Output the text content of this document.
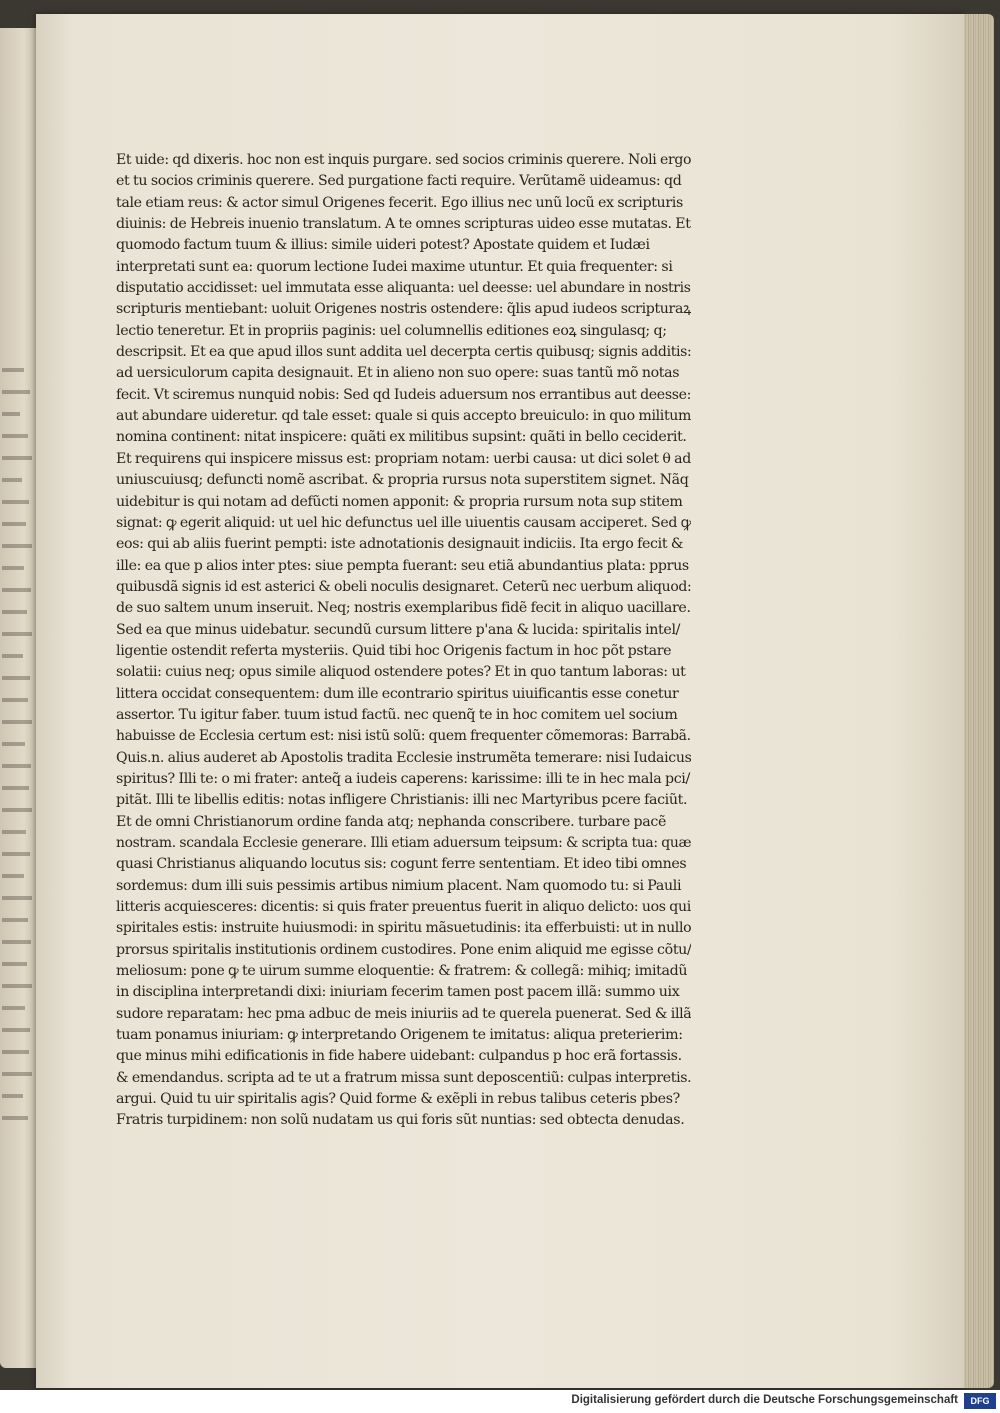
Et uide: qd dixeris. hoc non est inquis purgare. sed socios criminis querere. Noli ergo
et tu socios criminis querere. Sed purgatione facti require. Verũtamẽ uideamus: qd
tale etiam reus: & actor simul Origenes fecerit. Ego illius nec unũ locũ ex scripturis
diuinis: de Hebreis inuenio translatum. A te omnes scripturas uideo esse mutatas. Et
quomodo factum tuum & illius: simile uideri potest? Apostate quidem et Iudæi
interpretati sunt ea: quorum lectione Iudei maxime utuntur. Et quia frequenter: si
disputatio accidisset: uel immutata esse aliquanta: uel deesse: uel abundare in nostris
scripturis mentiebant: uoluit Origenes nostris ostendere: q̃lis apud iudeos scripturaꝝ
lectio teneretur. Et in propriis paginis: uel columnellis editiones eoꝝ singulasq; q;
descripsit. Et ea que apud illos sunt addita uel decerpta certis quibusq; signis additis:
ad uersiculorum capita designauit. Et in alieno non suo opere: suas tantũ mõ notas
fecit. Vt sciremus nunquid nobis: Sed qd Iudeis aduersum nos errantibus aut deesse:
aut abundare uideretur. qd tale esset: quale si quis accepto breuiculo: in quo militum
nomina continent: nitat inspicere: quãti ex militibus supsint: quãti in bello ceciderit.
Et requirens qui inspicere missus est: propriam notam: uerbi causa: ut dici solet θ ad
uniuscuiusq; defuncti nomẽ ascribat. & propria rursus nota superstitem signet. Nãq
uidebitur is qui notam ad defũcti nomen apponit: & propria rursum nota sup stitem
signat: ꝙ egerit aliquid: ut uel hic defunctus uel ille uiuentis causam acciperet. Sed ꝙ
eos: qui ab aliis fuerint pempti: iste adnotationis designauit indiciis. Ita ergo fecit &
ille: ea que p alios inter ptes: siue pempta fuerant: seu etiã abundantius plata: pprus
quibusdã signis id est asterici & obeli noculis designaret. Ceterũ nec uerbum aliquod:
de suo saltem unum inseruit. Neq; nostris exemplaribus fidẽ fecit in aliquo uacillare.
Sed ea que minus uidebatur. secundũ cursum littere p'ana & lucida: spiritalis intel/
ligentie ostendit referta mysteriis. Quid tibi hoc Origenis factum in hoc põt pstare
solatii: cuius neq; opus simile aliquod ostendere potes? Et in quo tantum laboras: ut
littera occidat consequentem: dum ille econtrario spiritus uiuificantis esse conetur
assertor. Tu igitur faber. tuum istud factũ. nec quenq̃ te in hoc comitem uel socium
habuisse de Ecclesia certum est: nisi istũ solũ: quem frequenter cõmemoras: Barrabã.
Quis.n. alius auderet ab Apostolis tradita Ecclesie instrumẽta temerare: nisi Iudaicus
spiritus? Illi te: o mi frater: anteq̃ a iudeis caperens: karissime: illi te in hec mala pci/
pitãt. Illi te libellis editis: notas infligere Christianis: illi nec Martyribus pcere faciũt.
Et de omni Christianorum ordine fanda atq; nephanda conscribere. turbare pacẽ
nostram. scandala Ecclesie generare. Illi etiam aduersum teipsum: & scripta tua: quæ
quasi Christianus aliquando locutus sis: cogunt ferre sententiam. Et ideo tibi omnes
sordemus: dum illi suis pessimis artibus nimium placent. Nam quomodo tu: si Pauli
litteris acquiesceres: dicentis: si quis frater preuentus fuerit in aliquo delicto: uos qui
spiritales estis: instruite huiusmodi: in spiritu mãsuetudinis: ita efferbuisti: ut in nullo
prorsus spiritalis institutionis ordinem custodires. Pone enim aliquid me egisse cõtu/
meliosum: pone ꝙ te uirum summe eloquentie: & fratrem: & collegã: mihiq; imitadũ
in disciplina interpretandi dixi: iniuriam fecerim tamen post pacem illã: summo uix
sudore reparatam: hec pma adbuc de meis iniuriis ad te querela puenerat. Sed & illã
tuam ponamus iniuriam: ꝙ interpretando Origenem te imitatus: aliqua preterierim:
que minus mihi edificationis in fide habere uidebant: culpandus p hoc erã fortassis.
& emendandus. scripta ad te ut a fratrum missa sunt deposcentiũ: culpas interpretis.
argui. Quid tu uir spiritalis agis? Quid forme & exẽpli in rebus talibus ceteris pbes?
Fratris turpidinem: non solũ nudatam us qui foris sũt nuntias: sed obtecta denudas.
Digitalisierung gefördert durch die Deutsche Forschungsgemeinschaft	DFG
